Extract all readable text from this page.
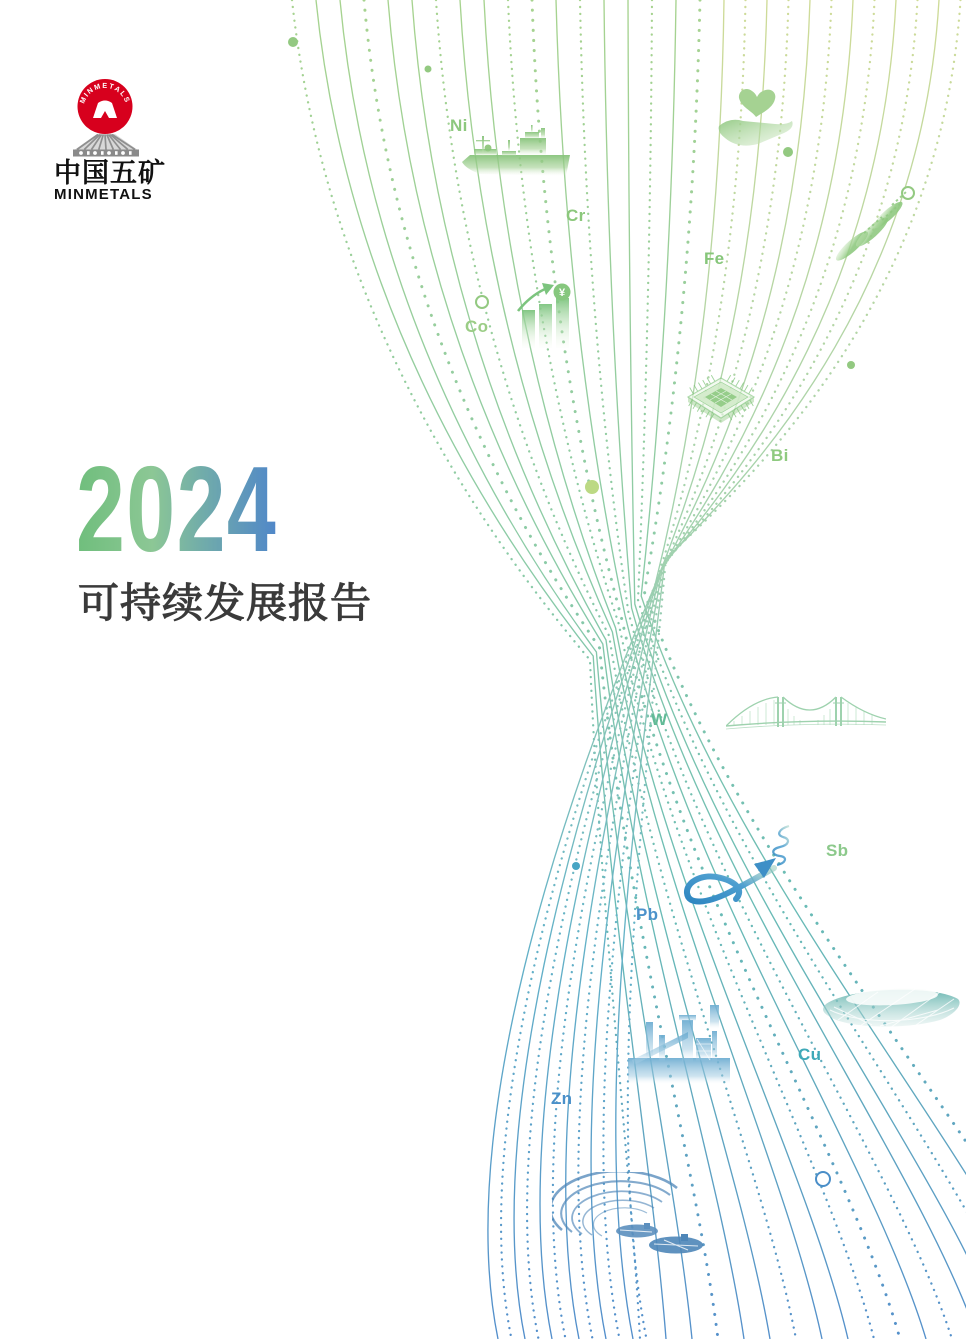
¥
Ni
Cr
Fe
Co
Bi
W
Sb
Pb
Zn
Cu
MINMETALS
中国五矿
MINMETALS
2024
可持续发展报告
